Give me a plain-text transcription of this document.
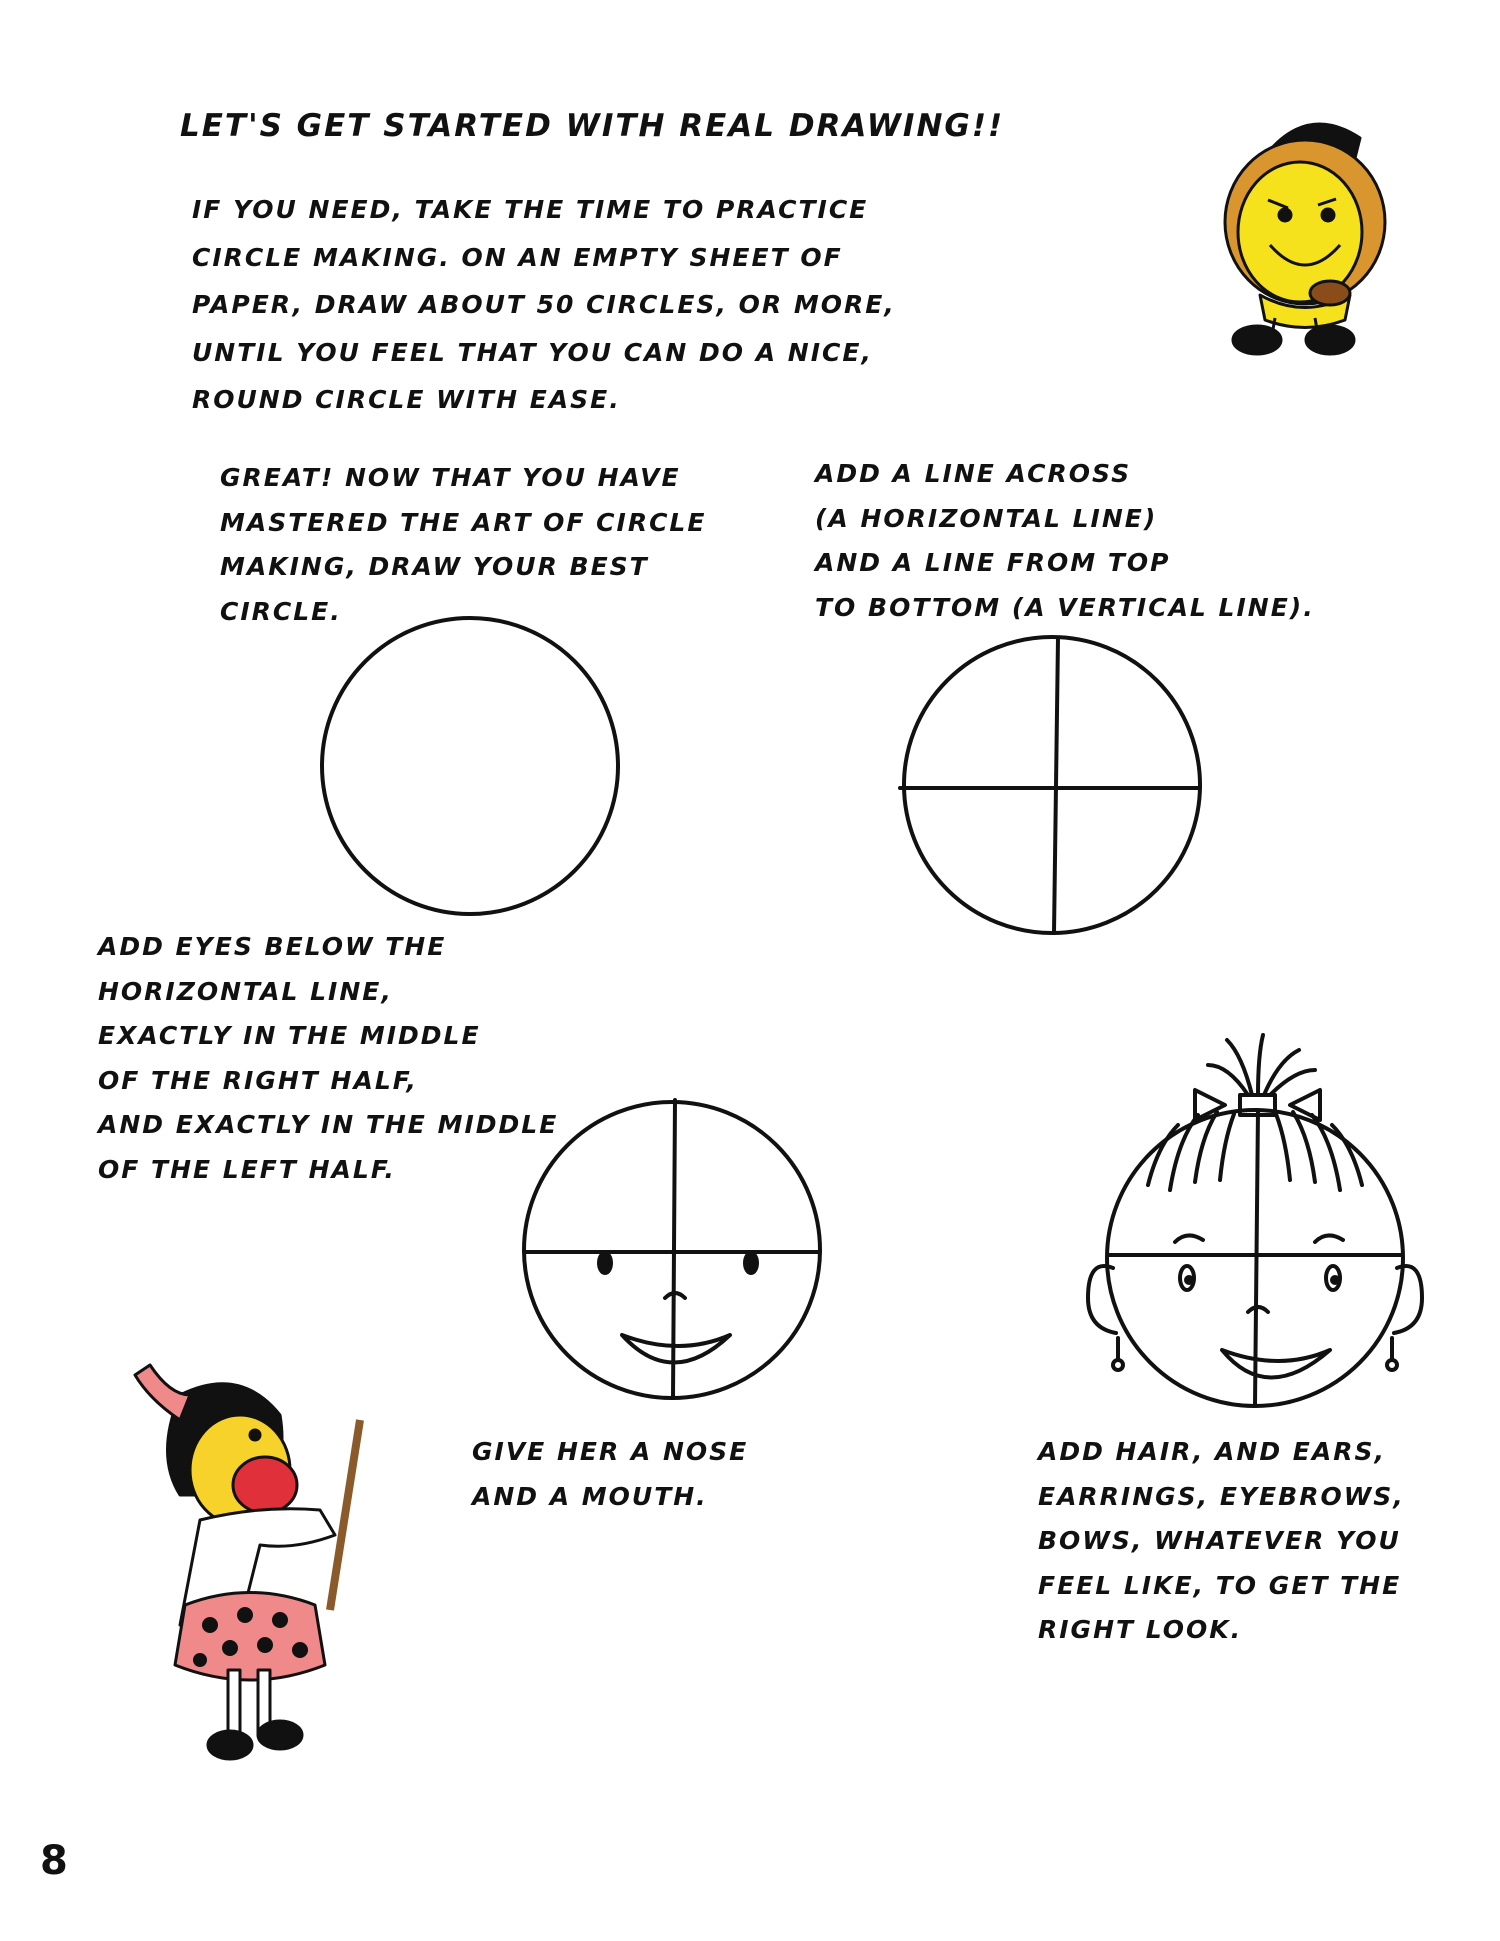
LET'S GET STARTED WITH REAL DRAWING!!
IF YOU NEED, TAKE THE TIME TO PRACTICE
CIRCLE MAKING. ON AN EMPTY SHEET OF
PAPER, DRAW ABOUT 50 CIRCLES, OR MORE,
UNTIL YOU FEEL THAT YOU CAN DO A NICE,
ROUND CIRCLE WITH EASE.
GREAT! NOW THAT YOU HAVE
MASTERED THE ART OF CIRCLE
MAKING, DRAW YOUR BEST
CIRCLE.
ADD A LINE ACROSS
(A HORIZONTAL LINE)
AND A LINE FROM TOP
TO BOTTOM (A VERTICAL LINE).
ADD EYES BELOW THE
HORIZONTAL LINE,
EXACTLY IN THE MIDDLE
OF THE RIGHT HALF,
AND EXACTLY IN THE MIDDLE
OF THE LEFT HALF.
GIVE HER A NOSE
AND A MOUTH.
ADD HAIR, AND EARS,
EARRINGS, EYEBROWS,
BOWS, WHATEVER YOU
FEEL LIKE, TO GET THE
RIGHT LOOK.
8
